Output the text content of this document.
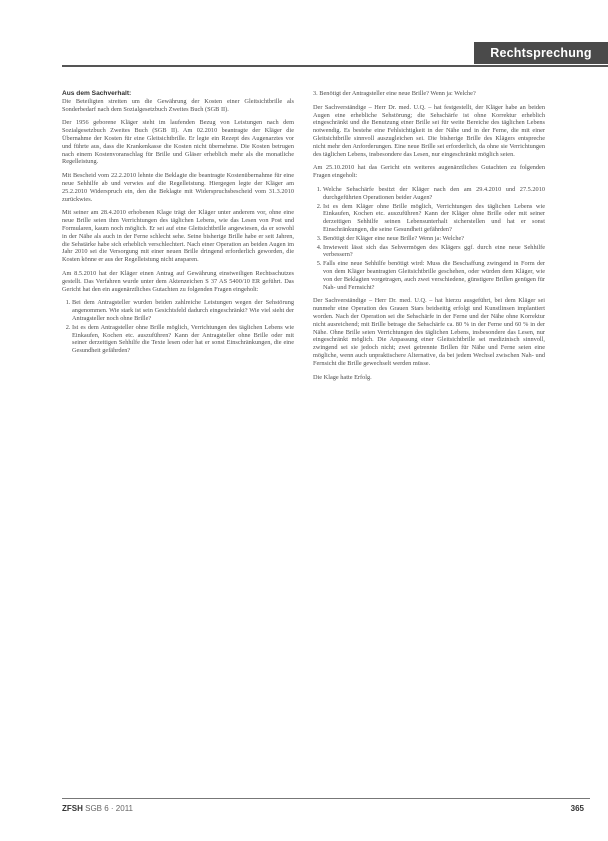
Rechtsprechung

Aus dem Sachverhalt:

Die Beteiligten streiten um die Gewährung der Kosten einer Gleitsichtbrille als Sonderbedarf nach dem Sozialgesetzbuch Zweites Buch (SGB II).

Der 1956 geborene Kläger steht im laufenden Bezug von Leistungen nach dem Sozialgesetzbuch Zweites Buch (SGB II). Am 02.2010 beantragte der Kläger die Übernahme der Kosten für eine Gleitsichtbrille. Er legte ein Rezept des Augenarztes vor und führte aus, dass die Krankenkasse die Kosten nicht übernehme. Die Kosten betrugen nach einem Kostenvoranschlag für Brille und Gläser erheblich mehr als die monatliche Regelleistung.

Mit Bescheid vom 22.2.2010 lehnte die Beklagte die beantragte Kostenübernahme für eine neue Sehhilfe ab und verwies auf die Regelleistung. Hiergegen legte der Kläger am 25.2.2010 Widerspruch ein, den die Beklagte mit Widerspruchsbescheid vom 31.3.2010 zurückwies.

Mit seiner am 28.4.2010 erhobenen Klage trägt der Kläger unter anderem vor, ohne eine neue Brille seien ihm Verrichtungen des täglichen Lebens, wie das Lesen von Post und Formularen, kaum noch möglich. Er sei auf eine Gleitsichtbrille angewiesen, da er sowohl in der Nähe als auch in der Ferne schlecht sehe. Seine bisherige Brille habe er seit Jahren, die Sehstärke habe sich erheblich verschlechtert. Nach einer Operation an beiden Augen im Jahr 2010 sei die Versorgung mit einer neuen Brille dringend erforderlich geworden, die Kosten könne er aus der Regelleistung nicht ansparen.

Am 8.5.2010 hat der Kläger einen Antrag auf Gewährung einstweiligen Rechtsschutzes gestellt. Das Verfahren wurde unter dem Aktenzeichen S 37 AS 5400/10 ER geführt. Das Gericht hat den ein augenärztliches Gutachten zu folgenden Fragen eingeholt:

1. Bei dem Antragsteller wurden beiden zahlreiche Leistungen wegen der Sehstörung angenommen. Wie stark ist sein Gesichtsfeld dadurch eingeschränkt? Wie viel sieht der Antragsteller noch ohne Brille?
2. Ist es dem Antragsteller ohne Brille möglich, Verrichtungen des täglichen Lebens wie Einkaufen, Kochen etc. auszuführen? Kann der Antragsteller ohne Brille oder mit seiner derzeitigen Sehhilfe die Texte lesen oder hat er sonst Einschränkungen, die eine Gesundheit gefährden?

3. Benötigt der Antragsteller eine neue Brille? Wenn ja: Welche?

Der Sachverständige – Herr Dr. med. U.Q. – hat festgestellt, der Kläger habe an beiden Augen eine erhebliche Sehstörung; die Sehschärfe ist ohne Korrektur erheblich eingeschränkt und die Benutzung einer Brille sei für weite Bereiche des täglichen Lebens notwendig. Es bestehe eine Fehlsichtigkeit in der Nähe und in der Ferne, die mit einer Gleitsichtbrille sinnvoll auszugleichen sei. Die bisherige Brille des Klägers entspreche nicht mehr den Anforderungen. Eine neue Brille sei erforderlich, da ohne sie Verrichtungen des täglichen Lebens, insbesondere das Lesen, nur eingeschränkt möglich seien.

Am 25.10.2010 hat das Gericht ein weiteres augenärztliches Gutachten zu folgenden Fragen eingeholt:

1. Welche Sehschärfe besitzt der Kläger nach den am 29.4.2010 und 27.5.2010 durchgeführten Operationen beider Augen?
2. Ist es dem Kläger ohne Brille möglich, Verrichtungen des täglichen Lebens wie Einkaufen, Kochen etc. auszuführen? Kann der Kläger ohne Brille oder mit seiner derzeitigen Sehhilfe seinen Lebensunterhalt sicherstellen und hat er sonst Einschränkungen, die seine Gesundheit gefährden?
3. Benötigt der Kläger eine neue Brille? Wenn ja: Welche?
4. Inwieweit lässt sich das Sehvermögen des Klägers ggf. durch eine neue Sehhilfe verbessern?
5. Falls eine neue Sehhilfe benötigt wird: Muss die Beschaffung zwingend in Form der von dem Kläger beantragten Gleitsichtbrille geschehen, oder würden dem Kläger, wie von der Beklagten vorgetragen, auch zwei verschiedene, günstigere Brillen genügen für Nah- und Fernsicht?

Der Sachverständige – Herr Dr. med. U.Q. – hat hierzu ausgeführt, bei dem Kläger sei nunmehr eine Operation des Grauen Stars beidseitig erfolgt und Kunstlinsen implantiert worden. Nach der Operation sei die Sehschärfe in der Ferne und der Nähe ohne Korrektur nicht ausreichend; mit Brille betrage die Sehschärfe ca. 80 % in der Ferne und 60 % in der Nähe. Ohne Brille seien Verrichtungen des täglichen Lebens, insbesondere das Lesen, nur eingeschränkt möglich. Die Anpassung einer Gleitsichtbrille sei medizinisch sinnvoll, zwingend sei sie jedoch nicht; zwei getrennte Brillen für Nähe und Ferne seien eine mögliche, wenn auch unpraktischere Alternative, da bei jedem Wechsel zwischen Nah- und Fernsicht die Brille gewechselt werden müsse.

Die Klage hatte Erfolg.

ZFSH SGB 6 · 2011	365
